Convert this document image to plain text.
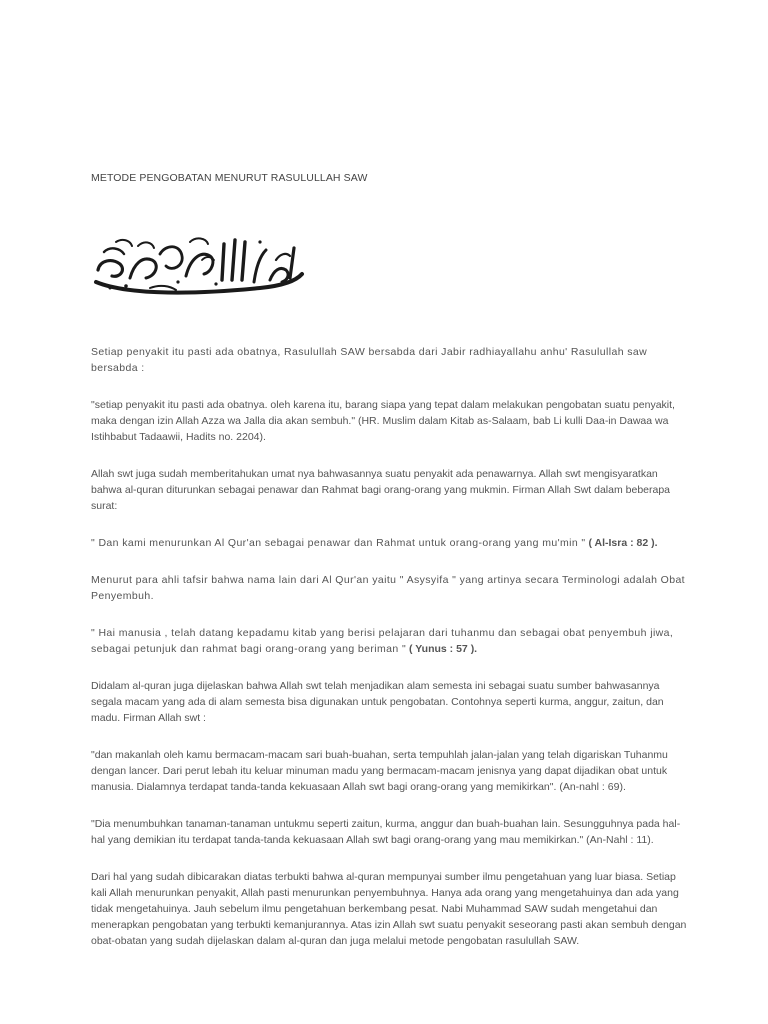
METODE PENGOBATAN MENURUT RASULULLAH SAW

Setiap penyakit itu pasti ada obatnya, Rasulullah SAW bersabda dari Jabir radhiayallahu anhu' Rasulullah saw bersabda :

"setiap penyakit itu pasti ada obatnya. oleh karena itu, barang siapa yang tepat dalam melakukan pengobatan suatu penyakit, maka dengan izin Allah Azza wa Jalla dia akan sembuh." (HR. Muslim dalam Kitab as-Salaam, bab Li kulli Daa-in Dawaa wa Istihbabut Tadaawii, Hadits no. 2204).

Allah swt juga sudah memberitahukan umat nya bahwasannya suatu penyakit ada penawarnya. Allah swt mengisyaratkan bahwa al-quran diturunkan sebagai penawar dan Rahmat bagi orang-orang yang mukmin. Firman Allah Swt dalam beberapa surat:

" Dan kami menurunkan Al Qur'an sebagai penawar dan Rahmat untuk orang-orang yang mu'min " ( Al-Isra : 82 ).

Menurut para ahli tafsir bahwa nama lain dari Al Qur'an yaitu " Asysyifa " yang artinya secara Terminologi adalah Obat Penyembuh.

" Hai manusia , telah datang kepadamu kitab yang berisi pelajaran dari tuhanmu dan sebagai obat penyembuh jiwa, sebagai petunjuk dan rahmat bagi orang-orang yang beriman " ( Yunus : 57 ).

Didalam al-quran juga dijelaskan bahwa Allah swt telah menjadikan alam semesta ini sebagai suatu sumber bahwasannya segala macam yang ada di alam semesta bisa digunakan untuk pengobatan. Contohnya seperti kurma, anggur, zaitun, dan madu. Firman Allah swt :

"dan makanlah oleh kamu bermacam-macam sari buah-buahan, serta tempuhlah jalan-jalan yang telah digariskan Tuhanmu dengan lancer. Dari perut lebah itu keluar minuman madu yang bermacam-macam jenisnya yang dapat dijadikan obat untuk manusia. Dialamnya terdapat tanda-tanda kekuasaan Allah swt bagi orang-orang yang memikirkan". (An-nahl : 69).

"Dia menumbuhkan tanaman-tanaman untukmu seperti zaitun, kurma, anggur dan buah-buahan lain. Sesungguhnya pada hal-hal yang demikian itu terdapat tanda-tanda kekuasaan Allah swt bagi orang-orang yang mau memikirkan." (An-Nahl : 11).

Dari hal yang sudah dibicarakan diatas terbukti bahwa al-quran mempunyai sumber ilmu pengetahuan yang luar biasa. Setiap kali Allah menurunkan penyakit, Allah pasti menurunkan penyembuhnya. Hanya ada orang yang mengetahuinya dan ada yang tidak mengetahuinya. Jauh sebelum ilmu pengetahuan berkembang pesat. Nabi Muhammad SAW sudah mengetahui dan menerapkan pengobatan yang terbukti kemanjurannya. Atas izin Allah swt suatu penyakit seseorang pasti akan sembuh dengan obat-obatan yang sudah dijelaskan dalam al-quran dan juga melalui metode pengobatan rasulullah SAW.
